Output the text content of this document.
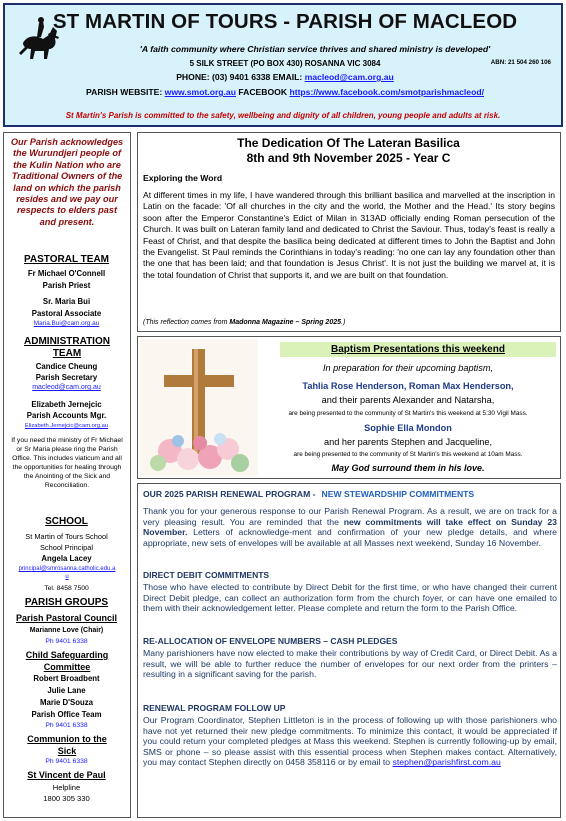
ST MARTIN OF TOURS - PARISH OF MACLEOD
'A faith community where Christian service thrives and shared ministry is developed'
ABN: 21 504 260 106
5 SILK STREET (PO BOX 430) ROSANNA VIC 3084
PHONE: (03) 9401 6338 EMAIL: macleod@cam.org.au
PARISH WEBSITE: www.smot.org.au FACEBOOK https://www.facebook.com/smotparishmacleod/
St Martin's Parish is committed to the safety, wellbeing and dignity of all children, young people and adults at risk.
Our Parish acknowledges the Wurundjeri people of the Kulin Nation who are Traditional Owners of the land on which the parish resides and we pay our respects to elders past and present.
PASTORAL TEAM
Fr Michael O'Connell
Parish Priest
Sr. Maria Bui
Pastoral Associate
Maria.Bui@cam.org.au
ADMINISTRATION TEAM
Candice Cheung
Parish Secretary
macleod@cam.org.au
Elizabeth Jernejcic
Parish Accounts Mgr.
Elizabeth.Jernejcic@cam.org.au
If you need the ministry of Fr Michael or Sr Maria please ring the Parish Office. This includes viaticum and all the opportunities for healing through the Anointing of the Sick and Reconciliation.
SCHOOL
St Martin of Tours School
School Principal
Angela Lacey
principal@smrosanna.catholic.edu.au
Tel. 8458 7500
PARISH GROUPS
Parish Pastoral Council
Marianne Love (Chair)
Ph 9401 6338
Child Safeguarding Committee
Robert Broadbent
Julie Lane
Marie D'Souza
Parish Office Team
Ph 9401 6338
Communion to the Sick
Ph 9401 6338
St Vincent de Paul
Helpline
1800 305 330
The Dedication Of The Lateran Basilica
8th and 9th November 2025 - Year C
Exploring the Word
At different times in my life, I have wandered through this brilliant basilica and marvelled at the inscription in Latin on the facade: 'Of all churches in the city and the world, the Mother and the Head.' Its story begins soon after the Emperor Constantine's Edict of Milan in 313AD officially ending Roman persecution of the Church. It was built on Lateran family land and dedicated to Christ the Saviour. Thus, today's feast is really a Feast of Christ, and that despite the basilica being dedicated at different times to John the Baptist and John the Evangelist. St Paul reminds the Corinthians in today's reading: 'no one can lay any foundation other than the one that has been laid; and that foundation is Jesus Christ'. It is not just the building we marvel at, it is the total foundation of Christ that supports it, and we are built on that foundation.
(This reflection comes from Madonna Magazine – Spring 2025.)
Baptism Presentations this weekend
In preparation for their upcoming baptism,
Tahlia Rose Henderson, Roman Max Henderson,
and their parents Alexander and Natarsha,
are being presented to the community of St Martin's this weekend at 5:30 Vigil Mass.
Sophie Ella Mondon
and her parents Stephen and Jacqueline,
are being presented to the community of St Martin's this weekend at 10am Mass.
May God surround them in his love.
OUR 2025 PARISH RENEWAL PROGRAM - NEW STEWARDSHIP COMMITMENTS
Thank you for your generous response to our Parish Renewal Program. As a result, we are on track for a very pleasing result. You are reminded that the new commitments will take effect on Sunday 23 November. Letters of acknowledge-ment and confirmation of your new pledge details, and where appropriate, new sets of envelopes will be available at all Masses next weekend, Sunday 16 November.
DIRECT DEBIT COMMITMENTS
Those who have elected to contribute by Direct Debit for the first time, or who have changed their current Direct Debit pledge, can collect an authorization form from the church foyer, or can have one emailed to them with their acknowledgement letter. Please complete and return the form to the Parish Office.
RE-ALLOCATION OF ENVELOPE NUMBERS – CASH PLEDGES
Many parishioners have now elected to make their contributions by way of Credit Card, or Direct Debit. As a result, we will be able to further reduce the number of envelopes for our next order from the printers – resulting in a significant saving for the parish.
RENEWAL PROGRAM FOLLOW UP
Our Program Coordinator, Stephen Littleton is in the process of following up with those parishioners who have not yet returned their new pledge commitments. To minimize this contact, it would be appreciated if you could return your completed pledges at Mass this weekend. Stephen is currently following-up by email, SMS or phone – so please assist with this essential process when Stephen makes contact. Alternatively, you may contact Stephen directly on 0458 358116 or by email to stephen@parishfirst.com.au
